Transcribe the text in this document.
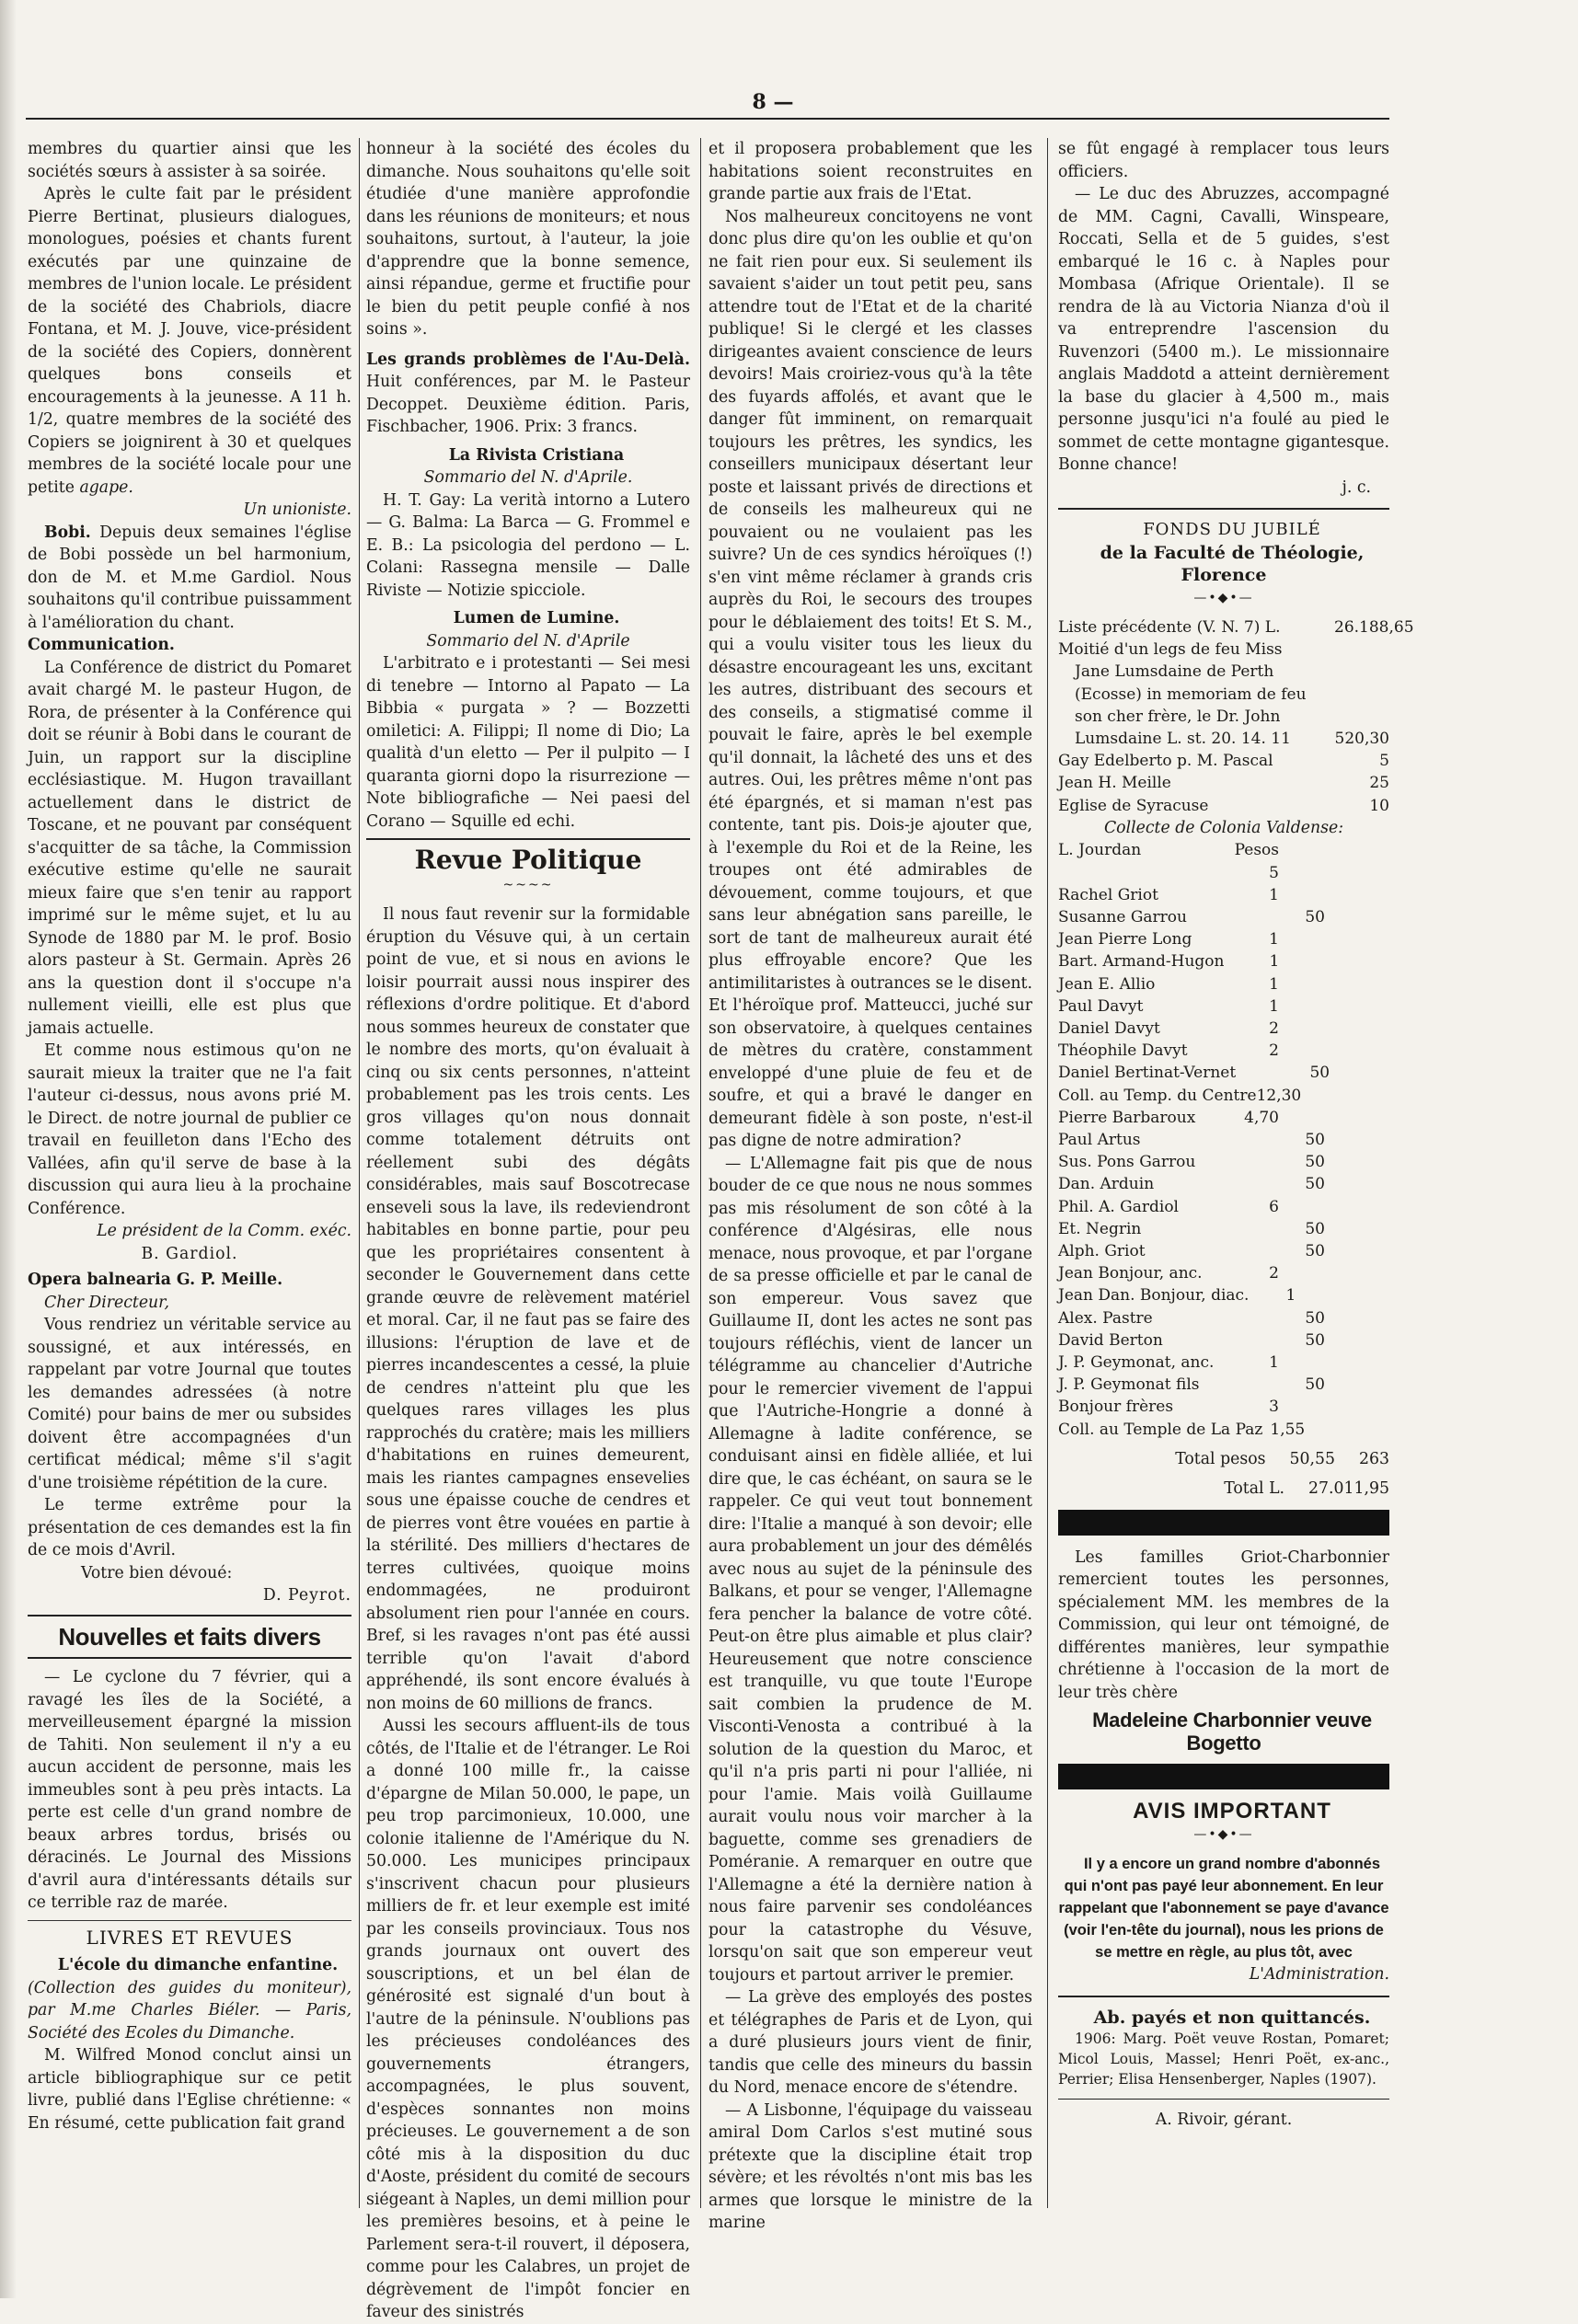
8 —

membres du quartier ainsi que les sociétés sœurs à assister à sa soirée.

Après le culte fait par le président Pierre Bertinat, plusieurs dialogues, monologues, poésies et chants furent exécutés par une quinzaine de membres de l'union locale. Le président de la société des Chabriols, diacre Fontana, et M. J. Jouve, vice-président de la société des Copiers, donnèrent quelques bons conseils et encouragements à la jeunesse. A 11 h. 1/2, quatre membres de la société des Copiers se joignirent à 30 et quelques membres de la société locale pour une petite agape.

Un unioniste.

Bobi. Depuis deux semaines l'église de Bobi possède un bel harmonium, don de M. et M.me Gardiol. Nous souhaitons qu'il contribue puissamment à l'amélioration du chant.

Communication.

La Conférence de district du Pomaret avait chargé M. le pasteur Hugon, de Rora, de présenter à la Conférence qui doit se réunir à Bobi dans le courant de Juin, un rapport sur la discipline ecclésiastique. M. Hugon travaillant actuellement dans le district de Toscane, et ne pouvant par conséquent s'acquitter de sa tâche, la Commission exécutive estime qu'elle ne saurait mieux faire que s'en tenir au rapport imprimé sur le même sujet, et lu au Synode de 1880 par M. le prof. Bosio alors pasteur à St. Germain. Après 26 ans la question dont il s'occupe n'a nullement vieilli, elle est plus que jamais actuelle.

Et comme nous estimous qu'on ne saurait mieux la traiter que ne l'a fait l'auteur ci-dessus, nous avons prié M. le Direct. de notre journal de publier ce travail en feuilleton dans l'Echo des Vallées, afin qu'il serve de base à la discussion qui aura lieu à la prochaine Conférence.

Le président de la Comm. exéc.

B. Gardiol.

Opera balnearia G. P. Meille.

Cher Directeur,

Vous rendriez un véritable service au soussigné, et aux intéressés, en rappelant par votre Journal que toutes les demandes adressées (à notre Comité) pour bains de mer ou subsides doivent être accompagnées d'un certificat médical; même s'il s'agit d'une troisième répétition de la cure.

Le terme extrême pour la présentation de ces demandes est la fin de ce mois d'Avril.

Votre bien dévoué:

D. Peyrot.

Nouvelles et faits divers

— Le cyclone du 7 février, qui a ravagé les îles de la Société, a merveilleusement épargné la mission de Tahiti. Non seulement il n'y a eu aucun accident de personne, mais les immeubles sont à peu près intacts. La perte est celle d'un grand nombre de beaux arbres tordus, brisés ou déracinés. Le Journal des Missions d'avril aura d'intéressants détails sur ce terrible raz de marée.

LIVRES ET REVUES

L'école du dimanche enfantine.

(Collection des guides du moniteur), par M.me Charles Biéler. — Paris, Société des Ecoles du Dimanche.

M. Wilfred Monod conclut ainsi un article bibliographique sur ce petit livre, publié dans l'Eglise chrétienne: « En résumé, cette publication fait grand

honneur à la société des écoles du dimanche. Nous souhaitons qu'elle soit étudiée d'une manière approfondie dans les réunions de moniteurs; et nous souhaitons, surtout, à l'auteur, la joie d'apprendre que la bonne semence, ainsi répandue, germe et fructifie pour le bien du petit peuple confié à nos soins ».

Les grands problèmes de l'Au-Delà. Huit conférences, par M. le Pasteur Decoppet. Deuxième édition. Paris, Fischbacher, 1906. Prix: 3 francs.

La Rivista Cristiana

Sommario del N. d'Aprile.

H. T. Gay: La verità intorno a Lutero — G. Balma: La Barca — G. Frommel e E. B.: La psicologia del perdono — L. Colani: Rassegna mensile — Dalle Riviste — Notizie spicciole.

Lumen de Lumine.

Sommario del N. d'Aprile

L'arbitrato e i protestanti — Sei mesi di tenebre — Intorno al Papato — La Bibbia « purgata » ? — Bozzetti omiletici: A. Filippi; Il nome di Dio; La qualità d'un eletto — Per il pulpito — I quaranta giorni dopo la risurrezione — Note bibliografiche — Nei paesi del Corano — Squille ed echi.

Revue Politique
~~~~

Il nous faut revenir sur la formidable éruption du Vésuve qui, à un certain point de vue, et si nous en avions le loisir pourrait aussi nous inspirer des réflexions d'ordre politique. Et d'abord nous sommes heureux de constater que le nombre des morts, qu'on évaluait à cinq ou six cents personnes, n'atteint probablement pas les trois cents. Les gros villages qu'on nous donnait comme totalement détruits ont réellement subi des dégâts considérables, mais sauf Boscotrecase enseveli sous la lave, ils redeviendront habitables en bonne partie, pour peu que les propriétaires consentent à seconder le Gouvernement dans cette grande œuvre de relèvement matériel et moral. Car, il ne faut pas se faire des illusions: l'éruption de lave et de pierres incandescentes a cessé, la pluie de cendres n'atteint plu que les quelques rares villages les plus rapprochés du cratère; mais les milliers d'habitations en ruines demeurent, mais les riantes campagnes ensevelies sous une épaisse couche de cendres et de pierres vont être vouées en partie à la stérilité. Des milliers d'hectares de terres cultivées, quoique moins endommagées, ne produiront absolument rien pour l'année en cours. Bref, si les ravages n'ont pas été aussi terrible qu'on l'avait d'abord appréhendé, ils sont encore évalués à non moins de 60 millions de francs.

Aussi les secours affluent-ils de tous côtés, de l'Italie et de l'étranger. Le Roi a donné 100 mille fr., la caisse d'épargne de Milan 50.000, le pape, un peu trop parcimonieux, 10.000, une colonie italienne de l'Amérique du N. 50.000. Les municipes principaux s'inscrivent chacun pour plusieurs milliers de fr. et leur exemple est imité par les conseils provinciaux. Tous nos grands journaux ont ouvert des souscriptions, et un bel élan de générosité est signalé d'un bout à l'autre de la péninsule. N'oublions pas les précieuses condoléances des gouvernements étrangers, accompagnées, le plus souvent, d'espèces sonnantes non moins précieuses. Le gouvernement a de son côté mis à la disposition du duc d'Aoste, président du comité de secours siégeant à Naples, un demi million pour les premières besoins, et à peine le Parlement sera-t-il rouvert, il déposera, comme pour les Calabres, un projet de dégrèvement de l'impôt foncier en faveur des sinistrés

et il proposera probablement que les habitations soient reconstruites en grande partie aux frais de l'Etat.

Nos malheureux concitoyens ne vont donc plus dire qu'on les oublie et qu'on ne fait rien pour eux. Si seulement ils savaient s'aider un tout petit peu, sans attendre tout de l'Etat et de la charité publique! Si le clergé et les classes dirigeantes avaient conscience de leurs devoirs! Mais croiriez-vous qu'à la tête des fuyards affolés, et avant que le danger fût imminent, on remarquait toujours les prêtres, les syndics, les conseillers municipaux désertant leur poste et laissant privés de directions et de conseils les malheureux qui ne pouvaient ou ne voulaient pas les suivre? Un de ces syndics héroïques (!) s'en vint même réclamer à grands cris auprès du Roi, le secours des troupes pour le déblaiement des toits! Et S. M., qui a voulu visiter tous les lieux du désastre encourageant les uns, excitant les autres, distribuant des secours et des conseils, a stigmatisé comme il pouvait le faire, après le bel exemple qu'il donnait, la lâcheté des uns et des autres. Oui, les prêtres même n'ont pas été épargnés, et si maman n'est pas contente, tant pis. Dois-je ajouter que, à l'exemple du Roi et de la Reine, les troupes ont été admirables de dévouement, comme toujours, et que sans leur abnégation sans pareille, le sort de tant de malheureux aurait été plus effroyable encore? Que les antimilitaristes à outrances se le disent. Et l'héroïque prof. Matteucci, juché sur son observatoire, à quelques centaines de mètres du cratère, constamment enveloppé d'une pluie de feu et de soufre, et qui a bravé le danger en demeurant fidèle à son poste, n'est-il pas digne de notre admiration?

— L'Allemagne fait pis que de nous bouder de ce que nous ne nous sommes pas mis résolument de son côté à la conférence d'Algésiras, elle nous menace, nous provoque, et par l'organe de sa presse officielle et par le canal de son empereur. Vous savez que Guillaume II, dont les actes ne sont pas toujours réfléchis, vient de lancer un télégramme au chancelier d'Autriche pour le remercier vivement de l'appui que l'Autriche-Hongrie a donné à Allemagne à ladite conférence, se conduisant ainsi en fidèle alliée, et lui dire que, le cas échéant, on saura se le rappeler. Ce qui veut tout bonnement dire: l'Italie a manqué à son devoir; elle aura probablement un jour des démêlés avec nous au sujet de la péninsule des Balkans, et pour se venger, l'Allemagne fera pencher la balance de votre côté. Peut-on être plus aimable et plus clair? Heureusement que notre conscience est tranquille, vu que toute l'Europe sait combien la prudence de M. Visconti-Venosta a contribué à la solution de la question du Maroc, et qu'il n'a pris parti ni pour l'alliée, ni pour l'amie. Mais voilà Guillaume aurait voulu nous voir marcher à la baguette, comme ses grenadiers de Poméranie. A remarquer en outre que l'Allemagne a été la dernière nation à nous faire parvenir ses condoléances pour la catastrophe du Vésuve, lorsqu'on sait que son empereur veut toujours et partout arriver le premier.

— La grève des employés des postes et télégraphes de Paris et de Lyon, qui a duré plusieurs jours vient de finir, tandis que celle des mineurs du bassin du Nord, menace encore de s'étendre.

— A Lisbonne, l'équipage du vaisseau amiral Dom Carlos s'est mutiné sous prétexte que la discipline était trop sévère; et les révoltés n'ont mis bas les armes que lorsque le ministre de la marine

se fût engagé à remplacer tous leurs officiers.

— Le duc des Abruzzes, accompagné de MM. Cagni, Cavalli, Winspeare, Roccati, Sella et de 5 guides, s'est embarqué le 16 c. à Naples pour Mombasa (Afrique Orientale). Il se rendra de là au Victoria Nianza d'où il va entreprendre l'ascension du Ruvenzori (5400 m.). Le missionnaire anglais Maddotd a atteint dernièrement la base du glacier à 4,500 m., mais personne jusqu'ici n'a foulé au pied le sommet de cette montagne gigantesque. Bonne chance!

j. c.

FONDS DU JUBILÉ

de la Faculté de Théologie, Florence

—•◆•—
Liste précédente (V. N. 7) L.	26.188,65
Moitié d'un legs de feu Miss
Jane Lumsdaine de Perth
(Ecosse) in memoriam de feu
son cher frère, le Dr. John
Lumsdaine L. st. 20. 14. 11	520,30
Gay Edelberto p. M. Pascal	5
Jean H. Meille	25
Eglise de Syracuse	10

Collecte de Colonia Valdense:

L. Jourdan	Pesos 5
Rachel Griot	1
Susanne Garrou	50
Jean Pierre Long	1
Bart. Armand-Hugon	1
Jean E. Allio	1
Paul Davyt	1
Daniel Davyt	2
Théophile Davyt	2
Daniel Bertinat-Vernet	50
Coll. au Temp. du Centre 12,30
Pierre Barbaroux	4,70
Paul Artus	50
Sus. Pons Garrou	50
Dan. Arduin	50
Phil. A. Gardiol	6
Et. Negrin	50
Alph. Griot	50
Jean Bonjour, anc.	2
Jean Dan. Bonjour, diac.	1
Alex. Pastre	50
David Berton	50
J. P. Geymonat, anc.	1
J. P. Geymonat fils	50
Bonjour frères	3
Coll. au Temple de La Paz 1,55
Total pesos 50,55 263
Total L. 27.011,95

Les familles Griot-Charbonnier remercient toutes les personnes, spécialement MM. les membres de la Commission, qui leur ont témoigné, de différentes manières, leur sympathie chrétienne à l'occasion de la mort de leur très chère

Madeleine Charbonnier veuve Bogetto

AVIS IMPORTANT

—•◆•—

Il y a encore un grand nombre d'abonnés qui n'ont pas payé leur abonnement. En leur rappelant que l'abonnement se paye d'avance (voir l'en-tête du journal), nous les prions de se mettre en règle, au plus tôt, avec

L'Administration.

Ab. payés et non quittancés.

1906: Marg. Poët veuve Rostan, Pomaret; Micol Louis, Massel; Henri Poët, ex-anc., Perrier; Elisa Hensenberger, Naples (1907).

A. Rivoir, gérant.
